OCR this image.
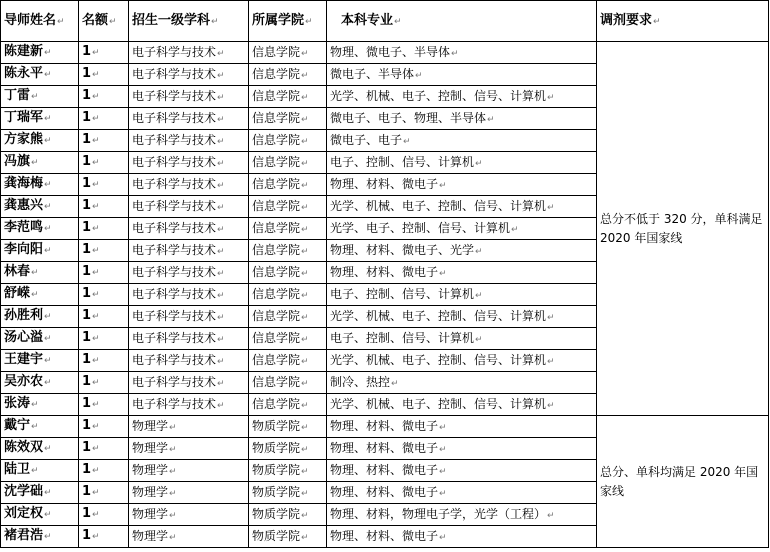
导师姓名↵	名额↵	招生一级学科↵	所属学院↵	本科专业↵	调剂要求↵
陈建新↵	1↵	电子科学与技术↵	信息学院↵	物理、微电子、半导体↵	总分不低于 320 分，单科满足 2020 年国家线
陈永平↵	1↵	电子科学与技术↵	信息学院↵	微电子、半导体↵	
丁雷↵	1↵	电子科学与技术↵	信息学院↵	光学、机械、电子、控制、信号、计算机↵	
丁瑞军↵	1↵	电子科学与技术↵	信息学院↵	微电子、电子、物理、半导体↵	
方家熊↵	1↵	电子科学与技术↵	信息学院↵	微电子、电子↵	
冯旗↵	1↵	电子科学与技术↵	信息学院↵	电子、控制、信号、计算机↵	
龚海梅↵	1↵	电子科学与技术↵	信息学院↵	物理、材料、微电子↵	
龚惠兴↵	1↵	电子科学与技术↵	信息学院↵	光学、机械、电子、控制、信号、计算机↵	
李范鸣↵	1↵	电子科学与技术↵	信息学院↵	光学、电子、控制、信号、计算机↵	
李向阳↵	1↵	电子科学与技术↵	信息学院↵	物理、材料、微电子、光学↵	
林春↵	1↵	电子科学与技术↵	信息学院↵	物理、材料、微电子↵	
舒嵘↵	1↵	电子科学与技术↵	信息学院↵	电子、控制、信号、计算机↵	
孙胜利↵	1↵	电子科学与技术↵	信息学院↵	光学、机械、电子、控制、信号、计算机↵	
汤心溢↵	1↵	电子科学与技术↵	信息学院↵	电子、控制、信号、计算机↵	
王建宇↵	1↵	电子科学与技术↵	信息学院↵	光学、机械、电子、控制、信号、计算机↵	
吴亦农↵	1↵	电子科学与技术↵	信息学院↵	制冷、热控↵	
张涛↵	1↵	电子科学与技术↵	信息学院↵	光学、机械、电子、控制、信号、计算机↵	
戴宁↵	1↵	物理学↵	物质学院↵	物理、材料、微电子↵	总分、单科均满足 2020 年国家线
陈效双↵	1↵	物理学↵	物质学院↵	物理、材料、微电子↵	
陆卫↵	1↵	物理学↵	物质学院↵	物理、材料、微电子↵	
沈学础↵	1↵	物理学↵	物质学院↵	物理、材料、微电子↵	
刘定权↵	1↵	物理学↵	物质学院↵	物理、材料，物理电子学，光学（工程）↵	
褚君浩↵	1↵	物理学↵	物质学院↵	物理、材料、微电子↵	
